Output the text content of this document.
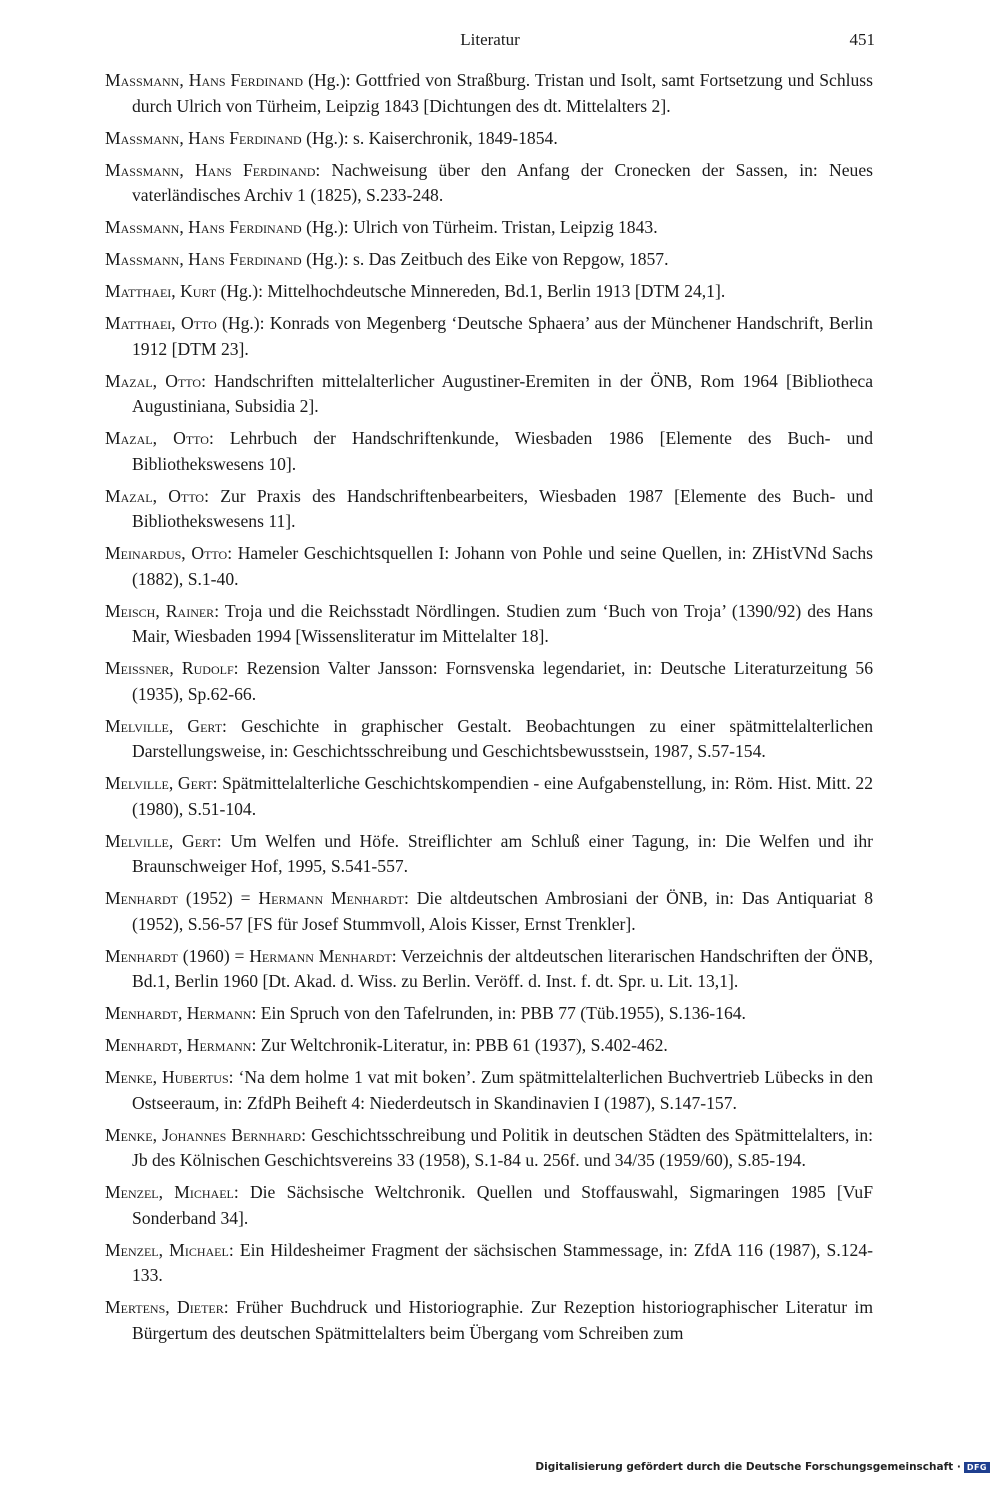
Literatur	451

Massmann, Hans Ferdinand (Hg.): Gottfried von Straßburg. Tristan und Isolt, samt Fortsetzung und Schluss durch Ulrich von Türheim, Leipzig 1843 [Dichtungen des dt. Mittelalters 2].

Massmann, Hans Ferdinand (Hg.): s. Kaiserchronik, 1849-1854.

Massmann, Hans Ferdinand: Nachweisung über den Anfang der Cronecken der Sassen, in: Neues vaterländisches Archiv 1 (1825), S.233-248.

Massmann, Hans Ferdinand (Hg.): Ulrich von Türheim. Tristan, Leipzig 1843.

Massmann, Hans Ferdinand (Hg.): s. Das Zeitbuch des Eike von Repgow, 1857.

Matthaei, Kurt (Hg.): Mittelhochdeutsche Minnereden, Bd.1, Berlin 1913 [DTM 24,1].

Matthaei, Otto (Hg.): Konrads von Megenberg ‘Deutsche Sphaera’ aus der Münchener Handschrift, Berlin 1912 [DTM 23].

Mazal, Otto: Handschriften mittelalterlicher Augustiner-Eremiten in der ÖNB, Rom 1964 [Bibliotheca Augustiniana, Subsidia 2].

Mazal, Otto: Lehrbuch der Handschriftenkunde, Wiesbaden 1986 [Elemente des Buch- und Bibliothekswesens 10].

Mazal, Otto: Zur Praxis des Handschriftenbearbeiters, Wiesbaden 1987 [Elemente des Buch- und Bibliothekswesens 11].

Meinardus, Otto: Hameler Geschichtsquellen I: Johann von Pohle und seine Quellen, in: ZHistVNd Sachs (1882), S.1-40.

Meisch, Rainer: Troja und die Reichsstadt Nördlingen. Studien zum ‘Buch von Troja’ (1390/92) des Hans Mair, Wiesbaden 1994 [Wissensliteratur im Mittelalter 18].

Meissner, Rudolf: Rezension Valter Jansson: Fornsvenska legendariet, in: Deutsche Literaturzeitung 56 (1935), Sp.62-66.

Melville, Gert: Geschichte in graphischer Gestalt. Beobachtungen zu einer spätmittelalterlichen Darstellungsweise, in: Geschichtsschreibung und Geschichtsbewusstsein, 1987, S.57-154.

Melville, Gert: Spätmittelalterliche Geschichtskompendien - eine Aufgabenstellung, in: Röm. Hist. Mitt. 22 (1980), S.51-104.

Melville, Gert: Um Welfen und Höfe. Streiflichter am Schluß einer Tagung, in: Die Welfen und ihr Braunschweiger Hof, 1995, S.541-557.

Menhardt (1952) = Hermann Menhardt: Die altdeutschen Ambrosiani der ÖNB, in: Das Antiquariat 8 (1952), S.56-57 [FS für Josef Stummvoll, Alois Kisser, Ernst Trenkler].

Menhardt (1960) = Hermann Menhardt: Verzeichnis der altdeutschen literarischen Handschriften der ÖNB, Bd.1, Berlin 1960 [Dt. Akad. d. Wiss. zu Berlin. Veröff. d. Inst. f. dt. Spr. u. Lit. 13,1].

Menhardt, Hermann: Ein Spruch von den Tafelrunden, in: PBB 77 (Tüb.1955), S.136-164.

Menhardt, Hermann: Zur Weltchronik-Literatur, in: PBB 61 (1937), S.402-462.

Menke, Hubertus: ‘Na dem holme 1 vat mit boken’. Zum spätmittelalterlichen Buchvertrieb Lübecks in den Ostseeraum, in: ZfdPh Beiheft 4: Niederdeutsch in Skandinavien I (1987), S.147-157.

Menke, Johannes Bernhard: Geschichtsschreibung und Politik in deutschen Städten des Spätmittelalters, in: Jb des Kölnischen Geschichtsvereins 33 (1958), S.1-84 u. 256f. und 34/35 (1959/60), S.85-194.

Menzel, Michael: Die Sächsische Weltchronik. Quellen und Stoffauswahl, Sigmaringen 1985 [VuF Sonderband 34].

Menzel, Michael: Ein Hildesheimer Fragment der sächsischen Stammessage, in: ZfdA 116 (1987), S.124-133.

Mertens, Dieter: Früher Buchdruck und Historiographie. Zur Rezeption historiographischer Literatur im Bürgertum des deutschen Spätmittelalters beim Übergang vom Schreiben zum

Digitalisierung gefördert durch die Deutsche Forschungsgemeinschaft · DFG
